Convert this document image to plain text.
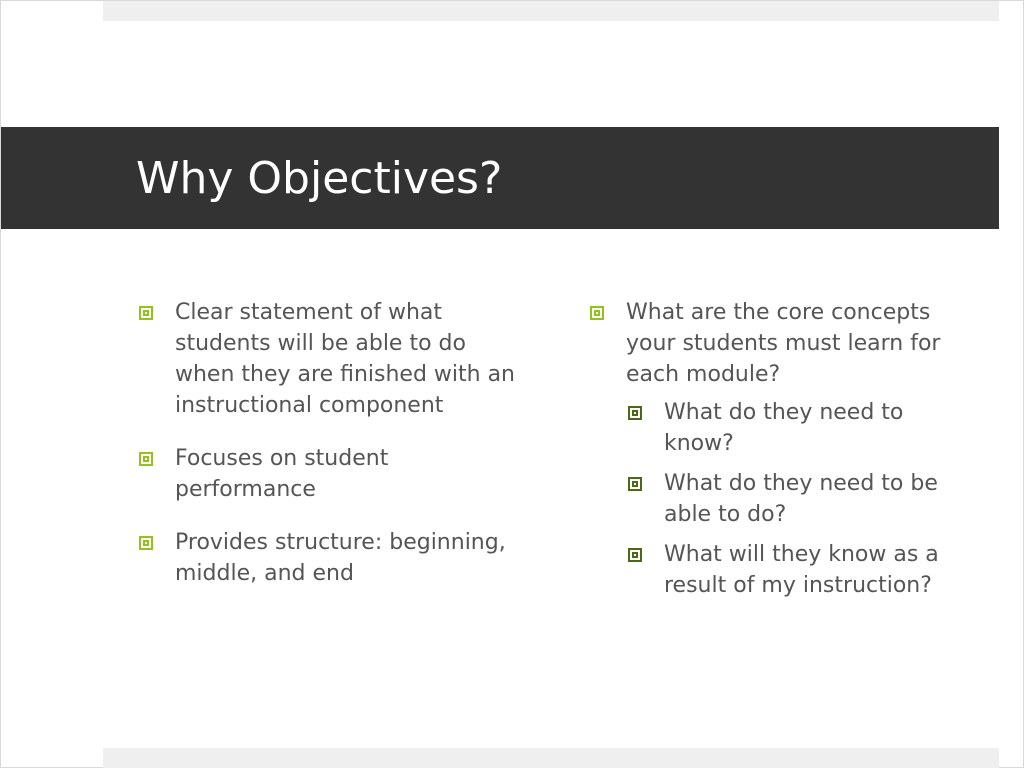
Why Objectives?
Clear statement of what students will be able to do when they are finished with an instructional component
Focuses on student performance
Provides structure: beginning, middle, and end
What are the core concepts your students must learn for each module?
What do they need to know?
What do they need to be able to do?
What will they know as a result of my instruction?
